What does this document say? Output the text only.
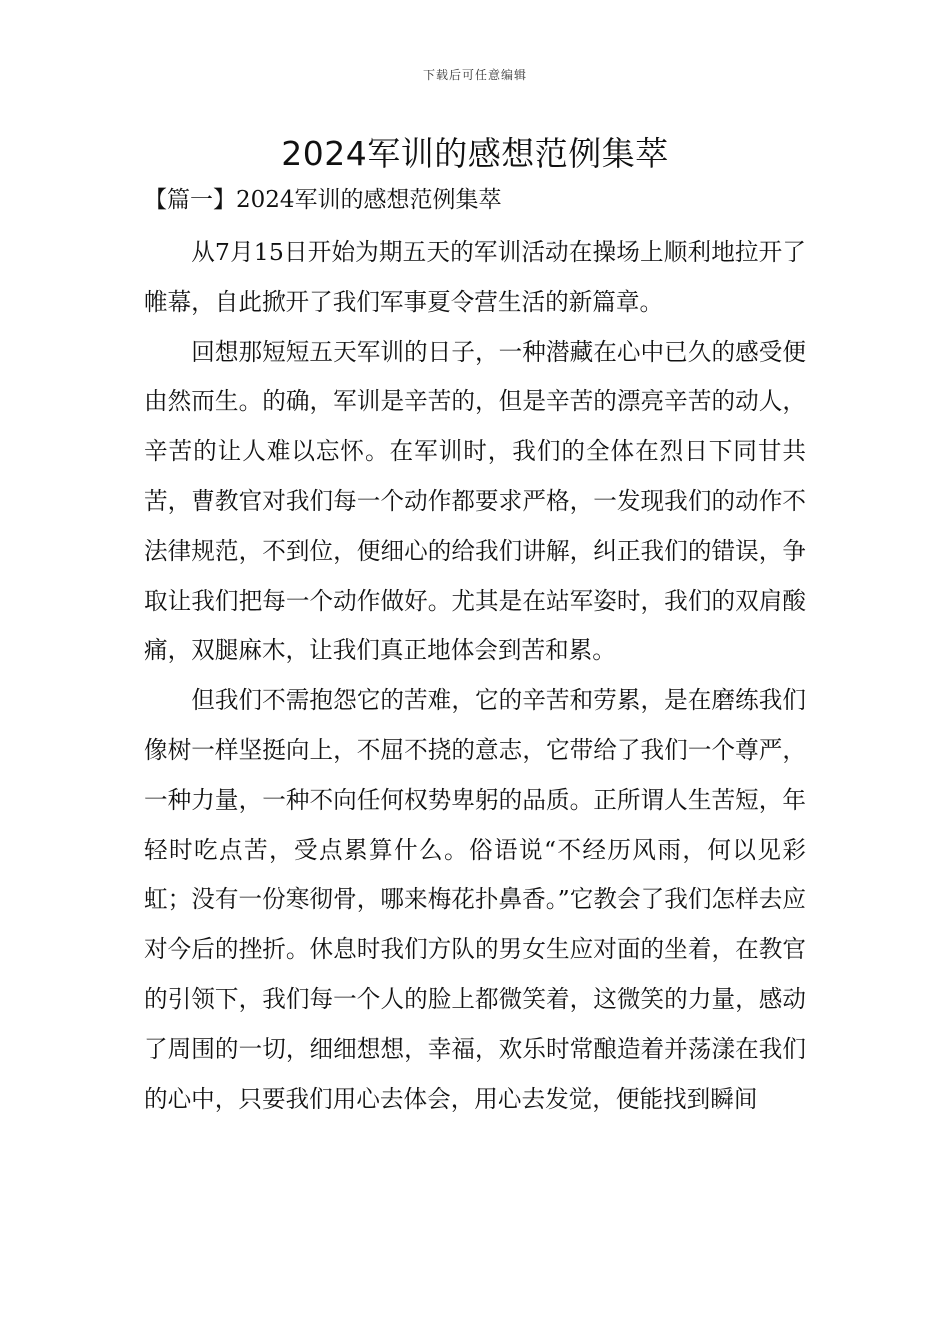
下载后可任意编辑
2024军训的感想范例集萃
【篇一】2024军训的感想范例集萃

从7月15日开始为期五天的军训活动在操场上顺利地拉开了帷幕，自此掀开了我们军事夏令营生活的新篇章。

回想那短短五天军训的日子，一种潜藏在心中已久的感受便由然而生。的确，军训是辛苦的，但是辛苦的漂亮辛苦的动人，辛苦的让人难以忘怀。在军训时，我们的全体在烈日下同甘共苦，曹教官对我们每一个动作都要求严格，一发现我们的动作不法律规范，不到位，便细心的给我们讲解，纠正我们的错误，争取让我们把每一个动作做好。尤其是在站军姿时，我们的双肩酸痛，双腿麻木，让我们真正地体会到苦和累。

但我们不需抱怨它的苦难，它的辛苦和劳累，是在磨练我们像树一样坚挺向上，不屈不挠的意志，它带给了我们一个尊严，一种力量，一种不向任何权势卑躬的品质。正所谓人生苦短，年轻时吃点苦，受点累算什么。俗语说“不经历风雨，何以见彩虹；没有一份寒彻骨，哪来梅花扑鼻香。”它教会了我们怎样去应对今后的挫折。休息时我们方队的男女生应对面的坐着，在教官的引领下，我们每一个人的脸上都微笑着，这微笑的力量，感动了周围的一切，细细想想，幸福，欢乐时常酿造着并荡漾在我们的心中，只要我们用心去体会，用心去发觉，便能找到瞬间
